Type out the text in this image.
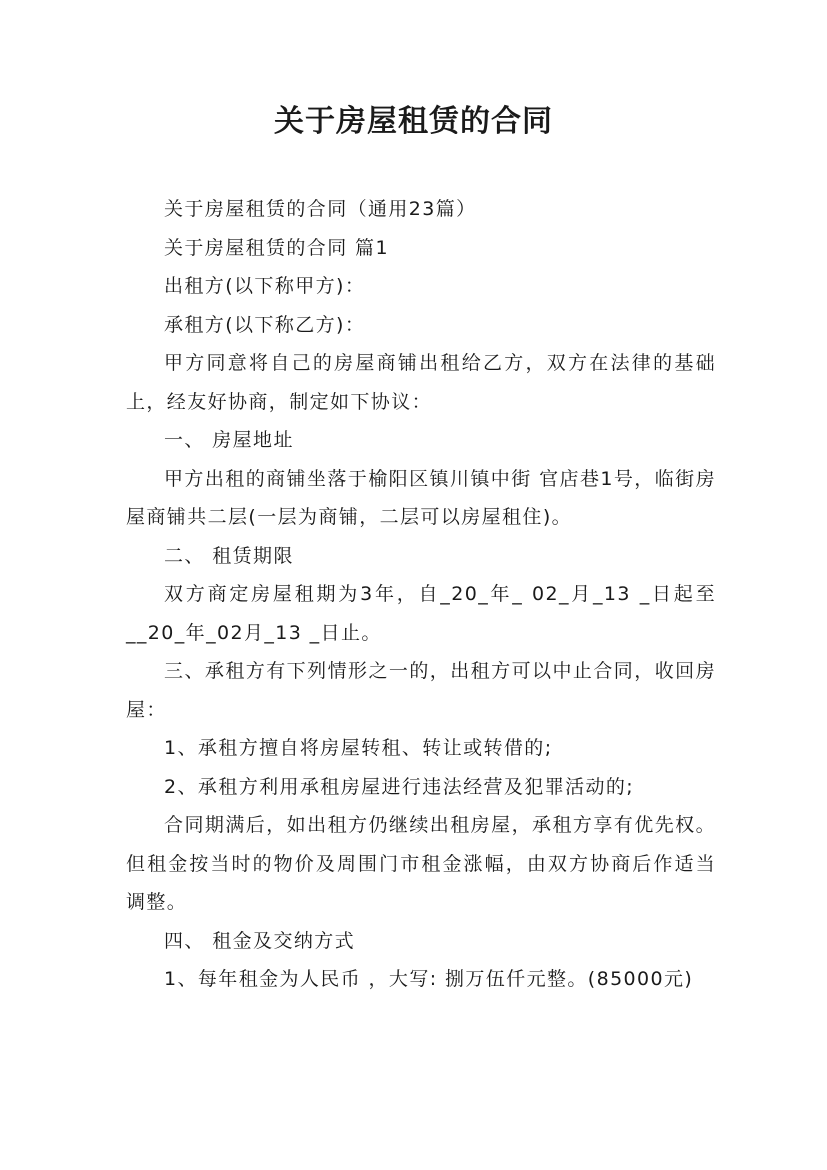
关于房屋租赁的合同

关于房屋租赁的合同（通用23篇）

关于房屋租赁的合同 篇1

出租方(以下称甲方)：

承租方(以下称乙方)：

甲方同意将自己的房屋商铺出租给乙方，双方在法律的基础上，经友好协商，制定如下协议：

一、 房屋地址

甲方出租的商铺坐落于榆阳区镇川镇中街 官店巷1号，临街房屋商铺共二层(一层为商铺，二层可以房屋租住)。

二、 租赁期限

双方商定房屋租期为3年，自_20_年_ 02_月_13 _日起至__20_年_02月_13 _日止。

三、承租方有下列情形之一的，出租方可以中止合同，收回房屋：

1、承租方擅自将房屋转租、转让或转借的;

2、承租方利用承租房屋进行违法经营及犯罪活动的;

合同期满后，如出租方仍继续出租房屋，承租方享有优先权。但租金按当时的物价及周围门市租金涨幅，由双方协商后作适当调整。

四、 租金及交纳方式

1、每年租金为人民币 ，大写: 捌万伍仟元整。(85000元)
